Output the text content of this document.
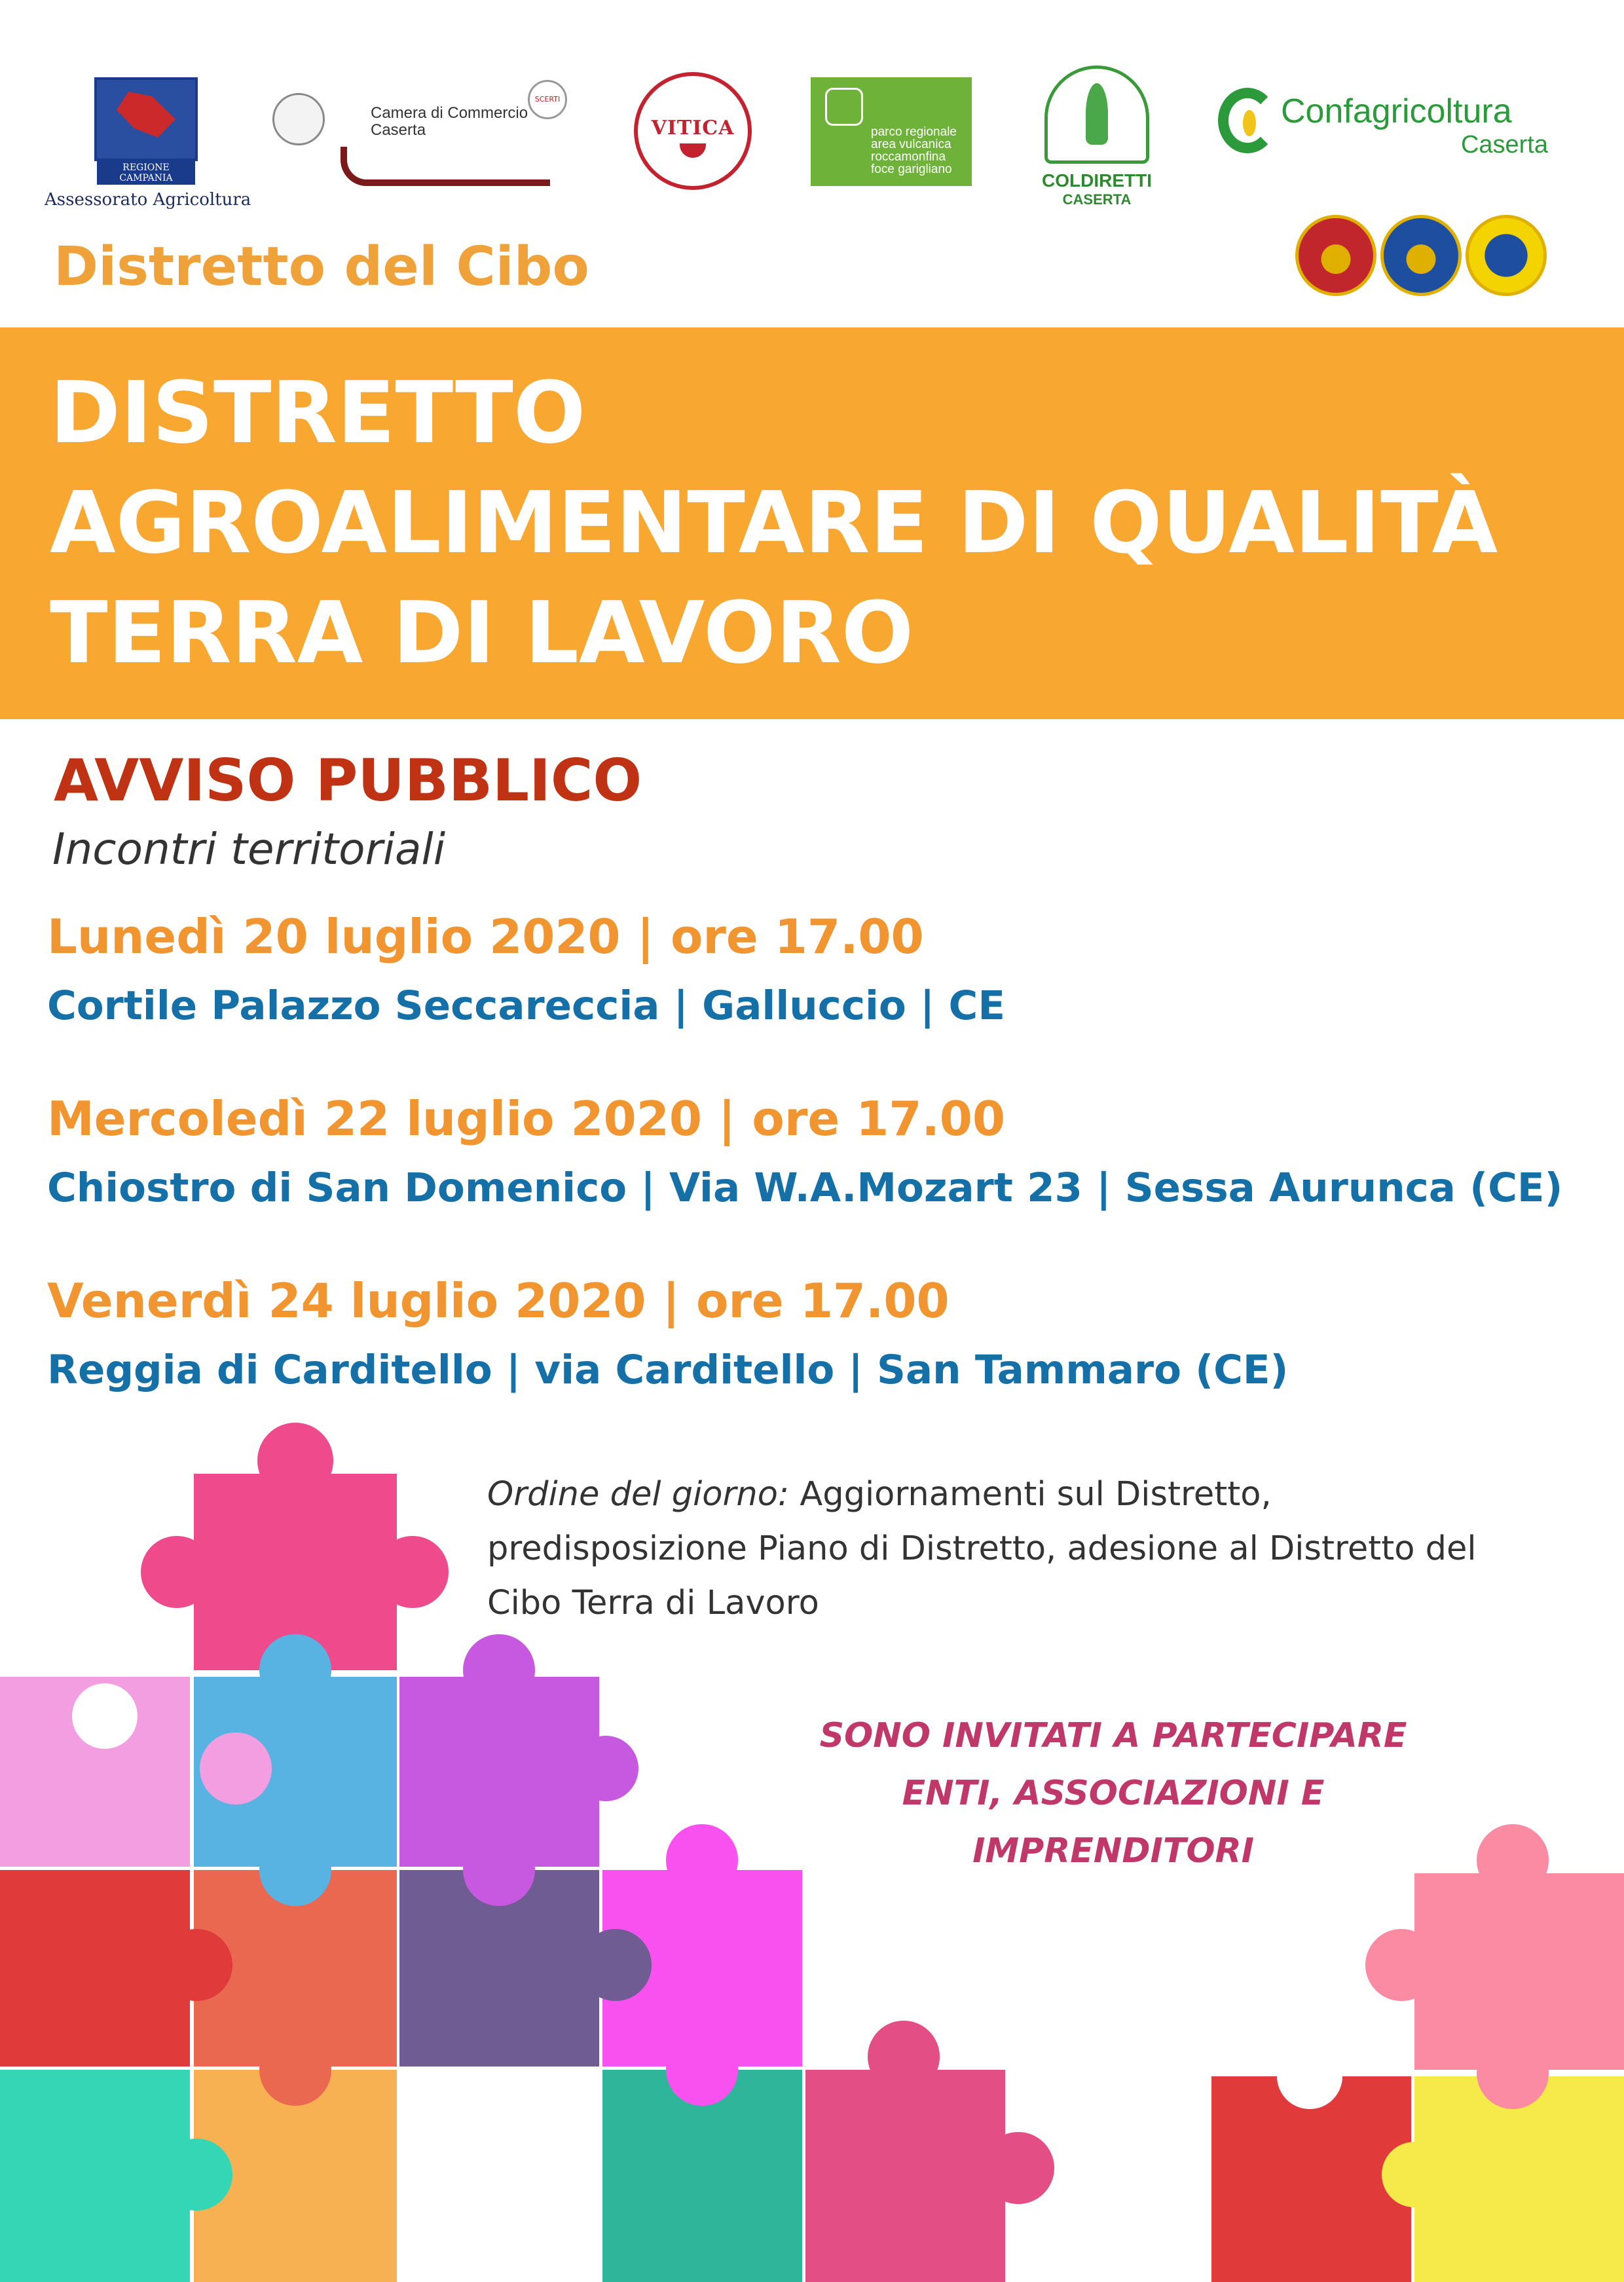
REGIONE CAMPANIA
Assessorato Agricoltura
Camera di Commercio
Caserta
SCERTI
VITICA	parco regionale
area vulcanica
roccamonfina
foce garigliano
COLDIRETTI
CASERTA
Confagricoltura
Caserta
Distretto del Cibo
DISTRETTO
AGROALIMENTARE DI QUALITÀ
TERRA DI LAVORO
AVVISO PUBBLICO
Incontri territoriali
Lunedì 20 luglio 2020 | ore 17.00
Cortile Palazzo Seccareccia | Galluccio | CE
Mercoledì 22 luglio 2020 | ore 17.00
Chiostro di San Domenico | Via W.A.Mozart 23 | Sessa Aurunca (CE)
Venerdì 24 luglio 2020 | ore 17.00
Reggia di Carditello | via Carditello | San Tammaro (CE)
Ordine del giorno: Aggiornamenti sul Distretto,
predisposizione Piano di Distretto, adesione al Distretto del
Cibo Terra di Lavoro
SONO INVITATI A PARTECIPARE
ENTI, ASSOCIAZIONI E
IMPRENDITORI
